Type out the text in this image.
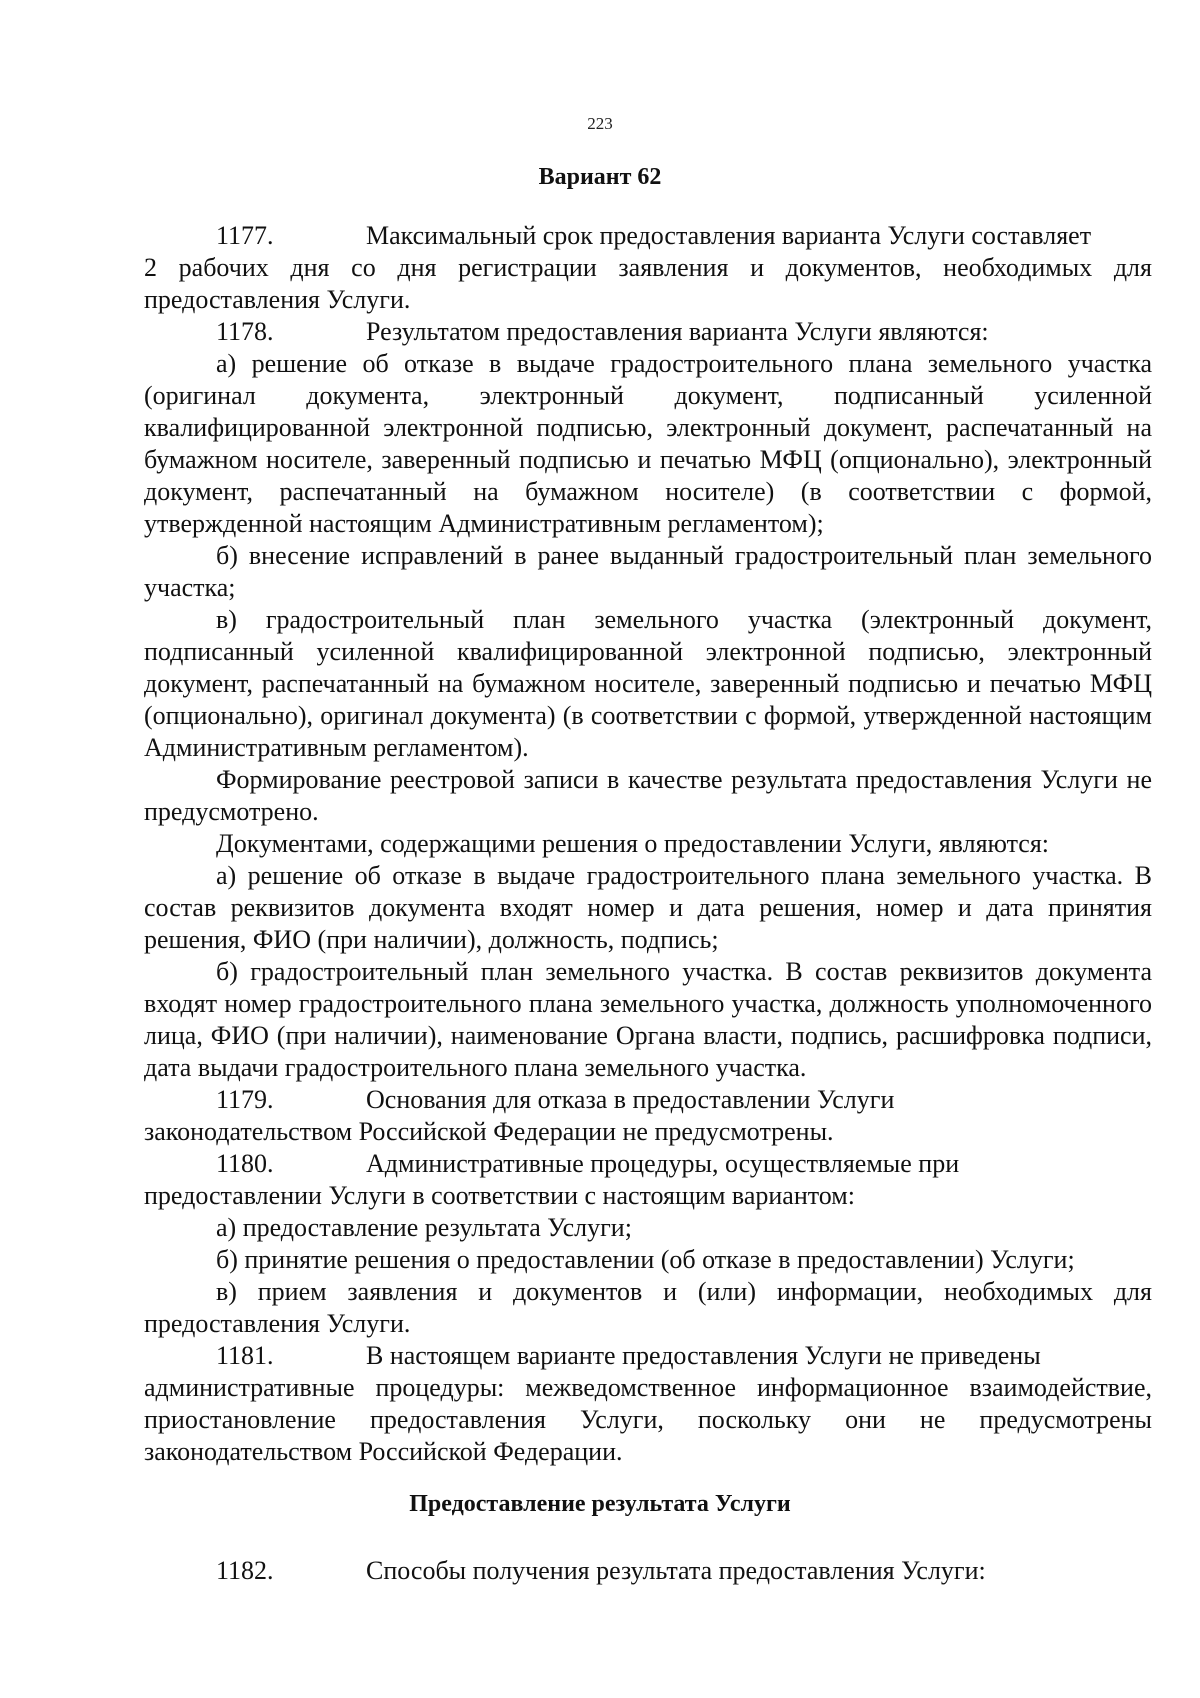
223
Вариант 62
1177.	Максимальный срок предоставления варианта Услуги составляет

2 рабочих дня со дня регистрации заявления и документов, необходимых для предоставления Услуги.

1178.	Результатом предоставления варианта Услуги являются:

а) решение об отказе в выдаче градостроительного плана земельного участка (оригинал документа, электронный документ, подписанный усиленной квалифицированной электронной подписью, электронный документ, распечатанный на бумажном носителе, заверенный подписью и печатью МФЦ (опционально), электронный документ, распечатанный на бумажном носителе) (в соответствии с формой, утвержденной настоящим Административным регламентом);

б) внесение исправлений в ранее выданный градостроительный план земельного участка;

в) градостроительный план земельного участка (электронный документ, подписанный усиленной квалифицированной электронной подписью, электронный документ, распечатанный на бумажном носителе, заверенный подписью и печатью МФЦ (опционально), оригинал документа) (в соответствии с формой, утвержденной настоящим Административным регламентом).

Формирование реестровой записи в качестве результата предоставления Услуги не предусмотрено.

Документами, содержащими решения о предоставлении Услуги, являются:

а) решение об отказе в выдаче градостроительного плана земельного участка. В состав реквизитов документа входят номер и дата решения, номер и дата принятия решения, ФИО (при наличии), должность, подпись;

б) градостроительный план земельного участка. В состав реквизитов документа входят номер градостроительного плана земельного участка, должность уполномоченного лица, ФИО (при наличии), наименование Органа власти, подпись, расшифровка подписи, дата выдачи градостроительного плана земельного участка.

1179.	Основания для отказа в предоставлении Услуги

законодательством Российской Федерации не предусмотрены.

1180.	Административные процедуры, осуществляемые при

предоставлении Услуги в соответствии с настоящим вариантом:

а) предоставление результата Услуги;

б) принятие решения о предоставлении (об отказе в предоставлении) Услуги;

в) прием заявления и документов и (или) информации, необходимых для предоставления Услуги.

1181.	В настоящем варианте предоставления Услуги не приведены

административные процедуры: межведомственное информационное взаимодействие, приостановление предоставления Услуги, поскольку они не предусмотрены законодательством Российской Федерации.

Предоставление результата Услуги
1182.	Способы получения результата предоставления Услуги:
